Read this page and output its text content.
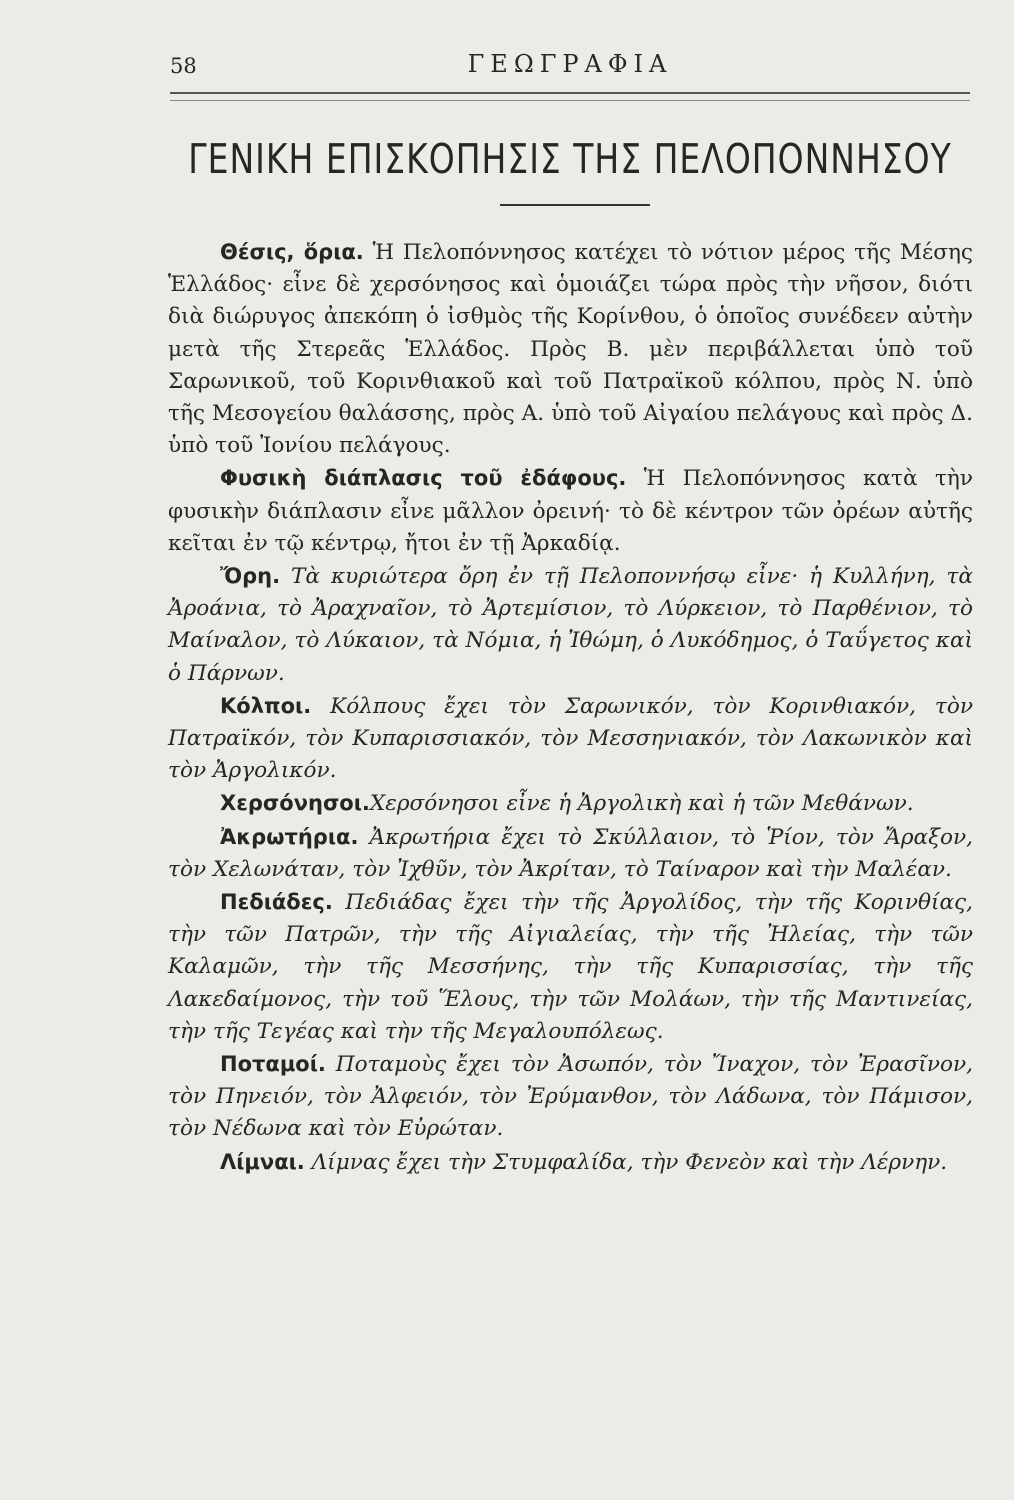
58	ΓΕΩΓΡΑΦΙΑ
ΓΕΝΙΚΗ ΕΠΙΣΚΟΠΗΣΙΣ ΤΗΣ ΠΕΛΟΠΟΝΝΗΣΟΥ

Θέσις, ὅρια. Ἡ Πελοπόννησος κατέχει τὸ νότιον μέρος τῆς Μέσης Ἑλλάδος· εἶνε δὲ χερσόνησος καὶ ὁμοιάζει τώρα πρὸς τὴν νῆσον, διότι διὰ διώρυγος ἀπεκόπη ὁ ἰσθμὸς τῆς Κορίνθου, ὁ ὁποῖος συνέδεεν αὐτὴν μετὰ τῆς Στερεᾶς Ἑλλάδος. Πρὸς Β. μὲν περιβάλλεται ὑπὸ τοῦ Σαρωνικοῦ, τοῦ Κορινθιακοῦ καὶ τοῦ Πατραϊκοῦ κόλπου, πρὸς Ν. ὑπὸ τῆς Μεσογείου θαλάσσης, πρὸς Α. ὑπὸ τοῦ Αἰγαίου πελάγους καὶ πρὸς Δ. ὑπὸ τοῦ Ἰονίου πελάγους.

Φυσικὴ διάπλασις τοῦ ἐδάφους. Ἡ Πελοπόννησος κατὰ τὴν φυσικὴν διάπλασιν εἶνε μᾶλλον ὀρεινή· τὸ δὲ κέντρον τῶν ὀρέων αὐτῆς κεῖται ἐν τῷ κέντρῳ, ἤτοι ἐν τῇ Ἀρκαδίᾳ.

Ὄρη. Τὰ κυριώτερα ὄρη ἐν τῇ Πελοποννήσῳ εἶνε· ἡ Κυλλήνη, τὰ Ἀροάνια, τὸ Ἀραχναῖον, τὸ Ἀρτεμίσιον, τὸ Λύρκειον, τὸ Παρθένιον, τὸ Μαίναλον, τὸ Λύκαιον, τὰ Νόμια, ἡ Ἰθώμη, ὁ Λυκόδημος, ὁ Ταΰγετος καὶ ὁ Πάρνων.

Κόλποι. Κόλπους ἔχει τὸν Σαρωνικόν, τὸν Κορινθιακόν, τὸν Πατραϊκόν, τὸν Κυπαρισσιακόν, τὸν Μεσσηνιακόν, τὸν Λακωνικὸν καὶ τὸν Ἀργολικόν.

Χερσόνησοι.Χερσόνησοι εἶνε ἡ Ἀργολικὴ καὶ ἡ τῶν Μεθάνων.

Ἀκρωτήρια. Ἀκρωτήρια ἔχει τὸ Σκύλλαιον, τὸ Ῥίον, τὸν Ἄραξον, τὸν Χελωνάταν, τὸν Ἰχθῦν, τὸν Ἀκρίταν, τὸ Ταίναρον καὶ τὴν Μαλέαν.

Πεδιάδες. Πεδιάδας ἔχει τὴν τῆς Ἀργολίδος, τὴν τῆς Κορινθίας, τὴν τῶν Πατρῶν, τὴν τῆς Αἰγιαλείας, τὴν τῆς Ἠλείας, τὴν τῶν Καλαμῶν, τὴν τῆς Μεσσήνης, τὴν τῆς Κυπαρισσίας, τὴν τῆς Λακεδαίμονος, τὴν τοῦ Ἕλους, τὴν τῶν Μολάων, τὴν τῆς Μαντινείας, τὴν τῆς Τεγέας καὶ τὴν τῆς Μεγαλουπόλεως.

Ποταμοί. Ποταμοὺς ἔχει τὸν Ἀσωπόν, τὸν Ἴναχον, τὸν Ἐρασῖνον, τὸν Πηνειόν, τὸν Ἀλφειόν, τὸν Ἐρύμανθον, τὸν Λάδωνα, τὸν Πάμισον, τὸν Νέδωνα καὶ τὸν Εὐρώταν.

Λίμναι. Λίμνας ἔχει τὴν Στυμφαλίδα, τὴν Φενεὸν καὶ τὴν Λέρνην.
